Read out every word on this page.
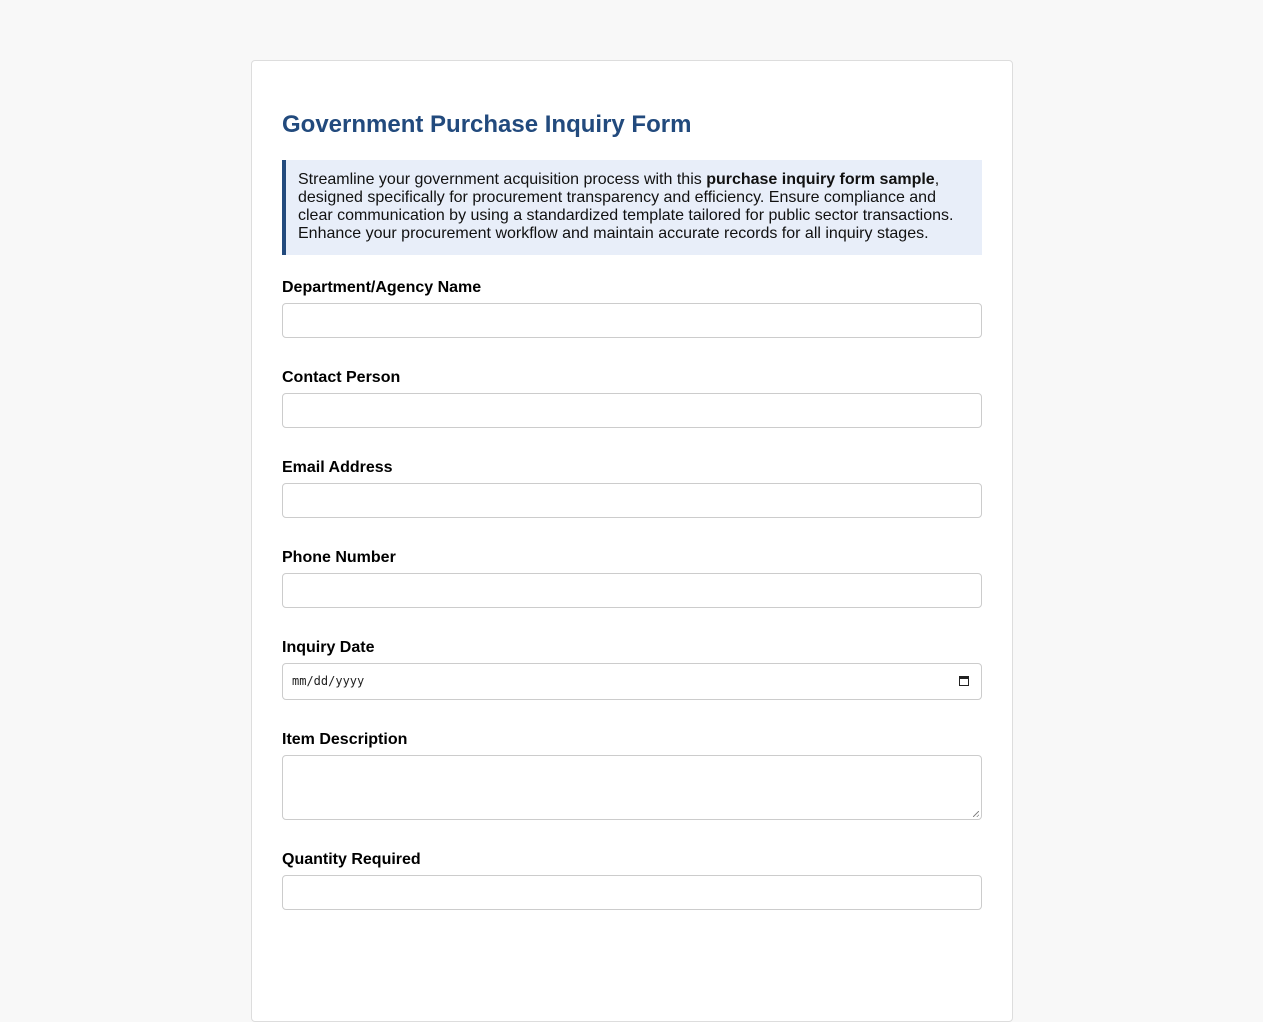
Government Purchase Inquiry Form
Streamline your government acquisition process with this purchase inquiry form sample, designed specifically for procurement transparency and efficiency. Ensure compliance and clear communication by using a standardized template tailored for public sector transactions. Enhance your procurement workflow and maintain accurate records for all inquiry stages.
Department/Agency Name
Contact Person
Email Address
Phone Number
Inquiry Date
mm/dd/yyyy
Item Description
Quantity Required
